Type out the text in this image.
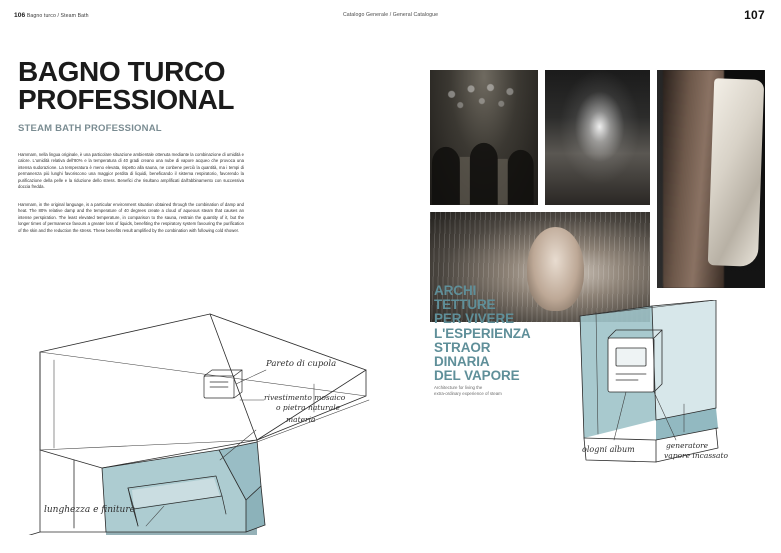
106 Bagno turco / Steam Bath	Catalogo Generale / General Catalogue	107
BAGNO TURCO
PROFESSIONAL
STEAM BATH PROFESSIONAL

Hammam, nella lingua originale, è una particolare situazione ambientale ottenuta mediante la combinazione di umidità e calore. L'umidità relativa dell'80% e la temperatura di 40 gradi creano una nube di vapore acqueo che provoca una intensa sudorazione. La temperatura è meno elevata, rispetto alla sauna, ne conbene perciò la quantità, ma i tempi di permanenza più lunghi favoriscono una maggior perdita di liquidi, beneficando il sistema respiratorio, favorendo la purificazione della pelle e la riduzione dello stress. Benefici che risultano amplificati dall'abbinamento con successiva doccia fredda.

Hammam, in the original language, is a particular environment situation obtained through the combination of damp and heat. The 80% relative damp and the temperature of 40 degrees create a cloud of aqueous steam that causes an intense perspiration. The least elevated temperature, in comparison to the sauna, restrain the quantity of it, but the longer times of permanence favours a greater loss of liquids, benefiting the respiratory system favouring the purification of the skin and the reduction the stress. These benefits result amplified by the combination with following cold shower.

Pareto di cupola
rivestimento mosaico
o pietra naturale
materia
lunghezza e finiture
ARCHI
TETTURE
PER VIVERE
L'ESPERIENZA
STRAOR
DINARIA
DEL VAPORE
Architecture for living the
extra-ordinary experience of steam
ologni album	generatore
vapore incassato
